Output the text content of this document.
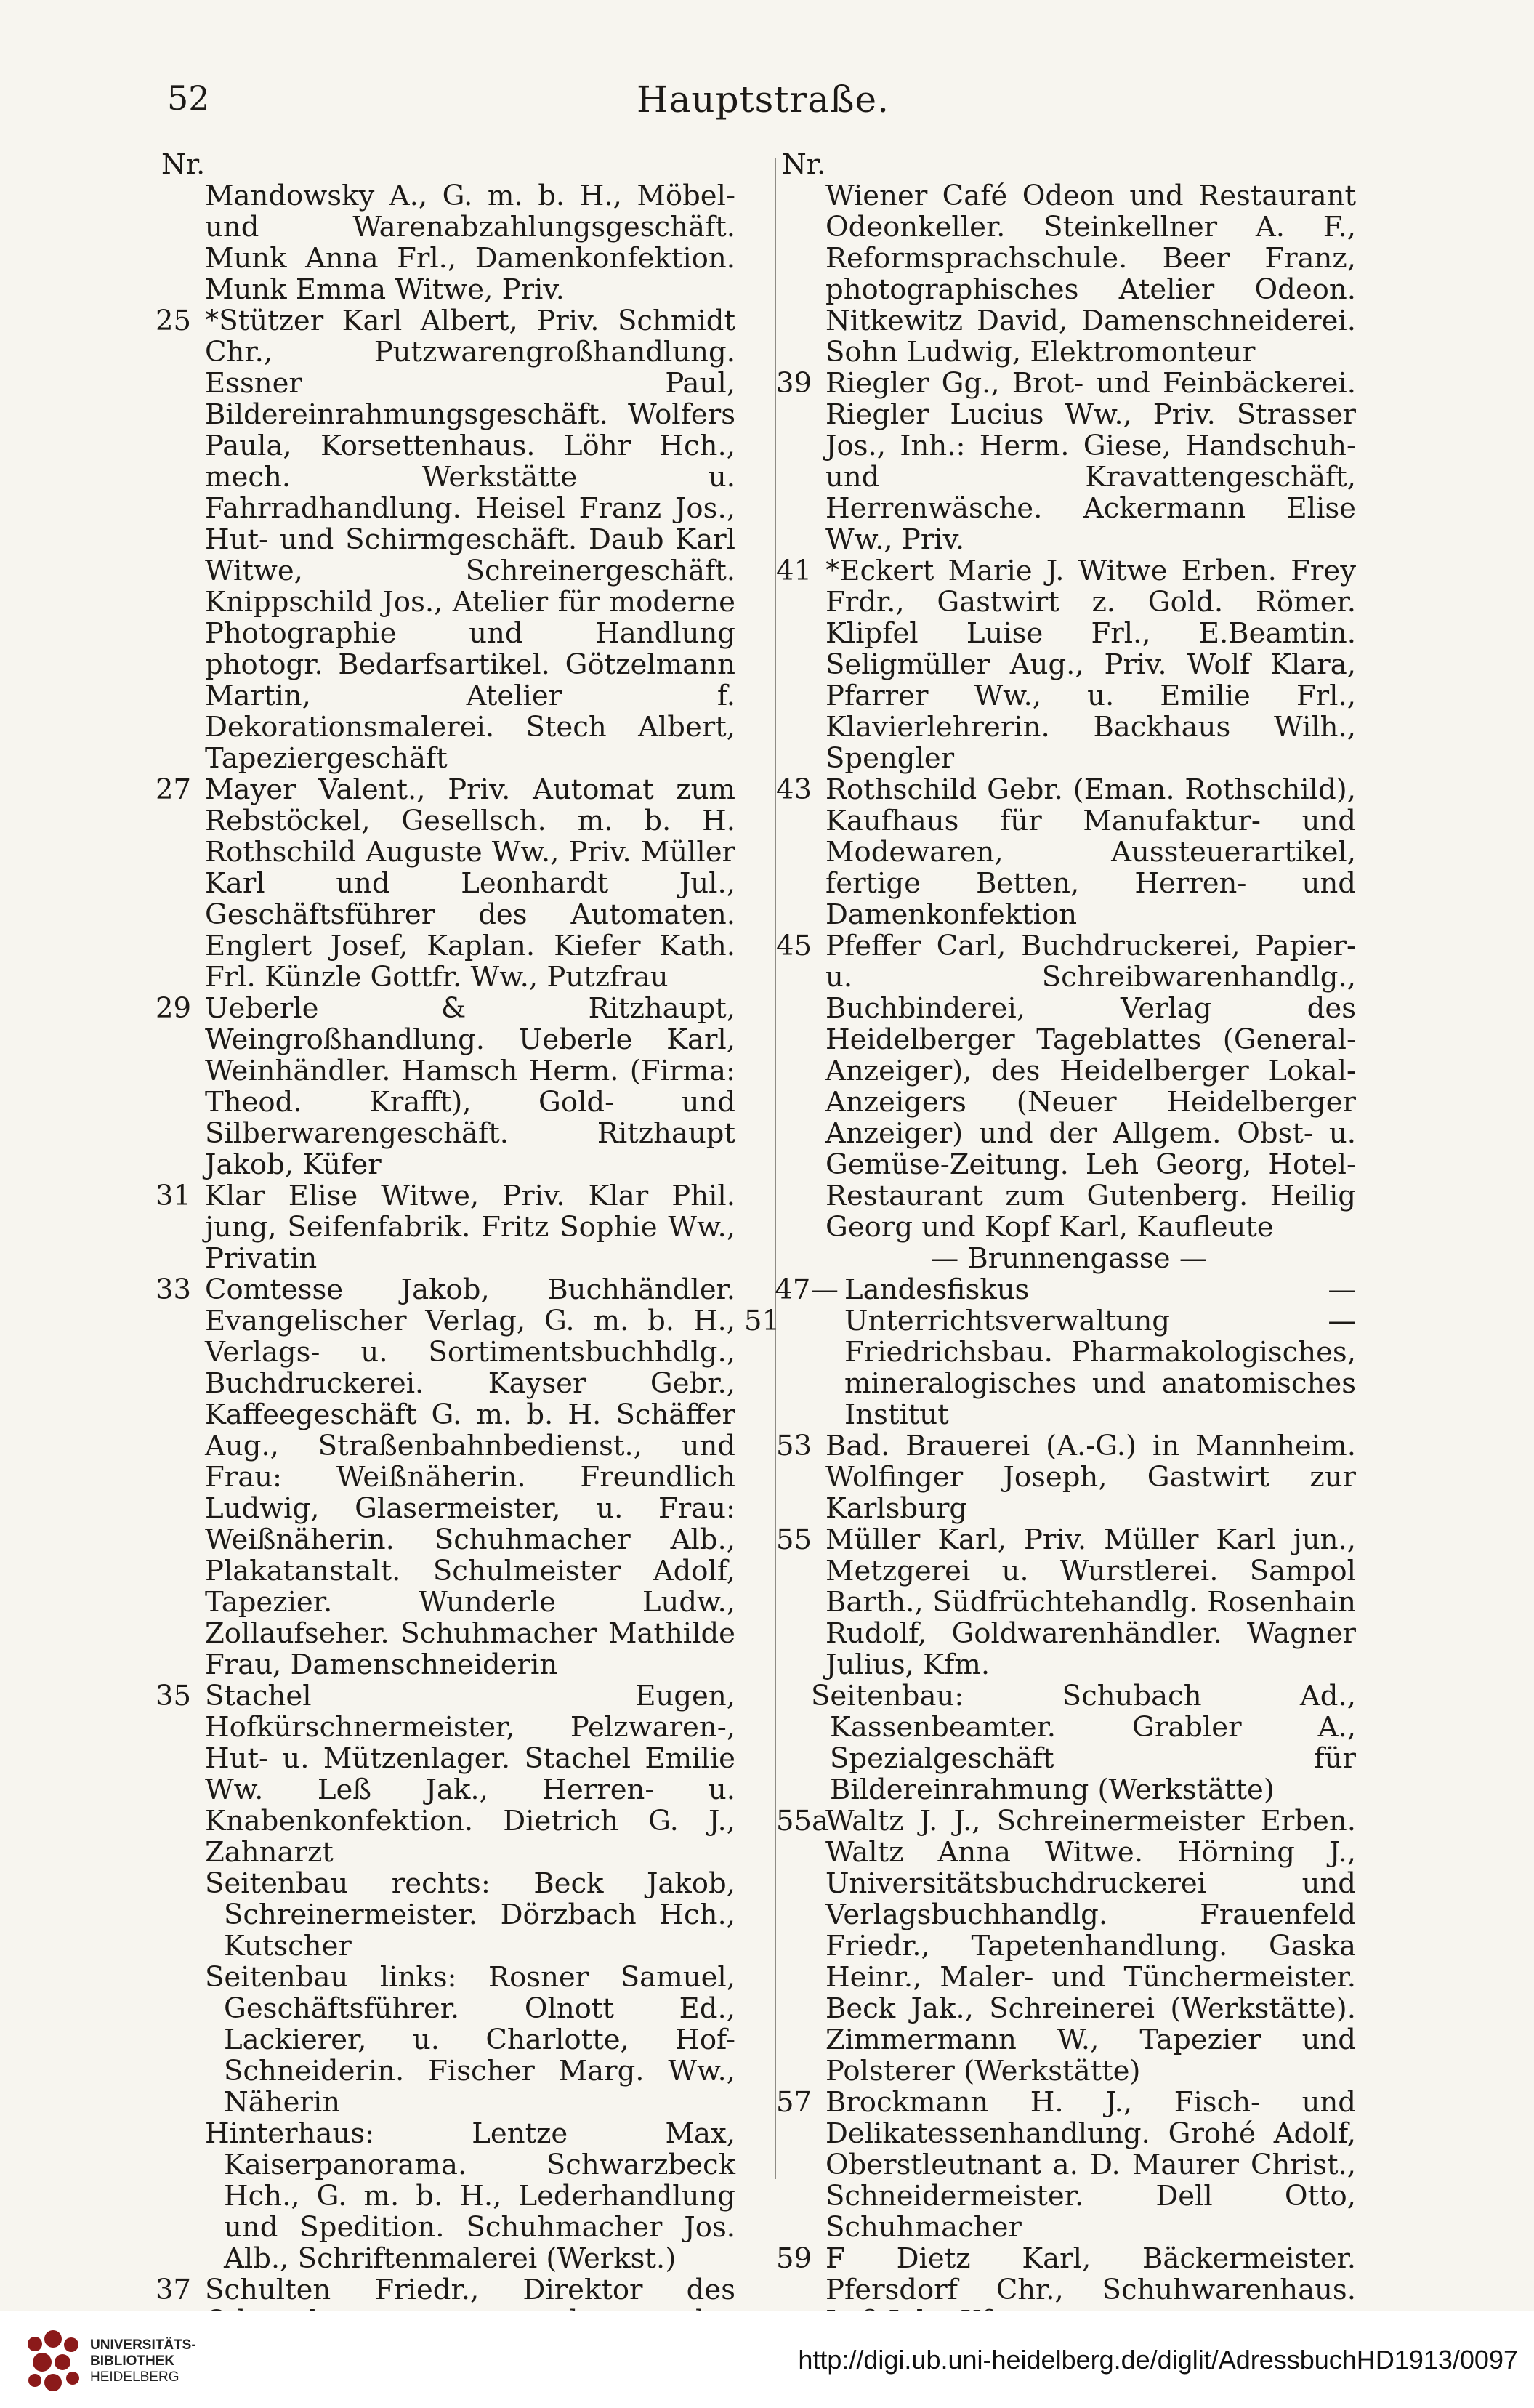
52	Hauptstraße.
Nr.
Mandowsky A., G. m. b. H., Möbel- und Warenabzahlungsgeschäft. Munk Anna Frl., Damenkonfektion. Munk Emma Witwe, Priv.
25 *Stützer Karl Albert, Priv. Schmidt Chr., Putzwarengroßhandlung. Essner Paul, Bildereinrahmungsgeschäft. Wolfers Paula, Korsettenhaus. Löhr Hch., mech. Werkstätte u. Fahrradhandlung. Heisel Franz Jos., Hut- und Schirmgeschäft. Daub Karl Witwe, Schreinergeschäft. Knippschild Jos., Atelier für moderne Photographie und Handlung photogr. Bedarfsartikel. Götzelmann Martin, Atelier f. Dekorationsmalerei. Stech Albert, Tapeziergeschäft
27 Mayer Valent., Priv. Automat zum Rebstöckel, Gesellsch. m. b. H. Rothschild Auguste Ww., Priv. Müller Karl und Leonhardt Jul., Geschäftsführer des Automaten. Englert Josef, Kaplan. Kiefer Kath. Frl. Künzle Gottfr. Ww., Putzfrau
29 Ueberle & Ritzhaupt, Weingroßhandlung. Ueberle Karl, Weinhändler. Hamsch Herm. (Firma: Theod. Krafft), Gold- und Silberwarengeschäft. Ritzhaupt Jakob, Küfer
31 Klar Elise Witwe, Priv. Klar Phil. jung, Seifenfabrik. Fritz Sophie Ww., Privatin
33 Comtesse Jakob, Buchhändler. Evangelischer Verlag, G. m. b. H., Verlags- u. Sortimentsbuchhdlg., Buchdruckerei. Kayser Gebr., Kaffeegeschäft G. m. b. H. Schäffer Aug., Straßenbahnbedienst., und Frau: Weißnäherin. Freundlich Ludwig, Glasermeister, u. Frau: Weißnäherin. Schuhmacher Alb., Plakatanstalt. Schulmeister Adolf, Tapezier. Wunderle Ludw., Zollaufseher. Schuhmacher Mathilde Frau, Damenschneiderin
35 Stachel Eugen, Hofkürschnermeister, Pelzwaren-, Hut- u. Mützenlager. Stachel Emilie Ww. Leß Jak., Herren- u. Knabenkonfektion. Dietrich G. J., Zahnarzt
Seitenbau rechts: Beck Jakob, Schreinermeister. Dörzbach Hch., Kutscher
Seitenbau links: Rosner Samuel, Geschäftsführer. Olnott Ed., Lackierer, u. Charlotte, Hof-Schneiderin. Fischer Marg. Ww., Näherin
Hinterhaus: Lentze Max, Kaiserpanorama. Schwarzbeck Hch., G. m. b. H., Lederhandlung und Spedition. Schuhmacher Jos. Alb., Schriftenmalerei (Werkst.)
37 Schulten Friedr., Direktor des
Nr.
Wiener Café Odeon und Restaurant Odeonkeller. Steinkellner A. F., Reformsprachschule. Beer Franz, photographisches Atelier Odeon. Nitkewitz David, Damenschneiderei. Sohn Ludwig, Elektromonteur
39 Riegler Gg., Brot- und Feinbäckerei. Riegler Lucius Ww., Priv. Strasser Jos., Inh.: Herm. Giese, Handschuh- und Kravattengeschäft, Herrenwäsche. Ackermann Elise Ww., Priv.
41 *Eckert Marie J. Witwe Erben. Frey Frdr., Gastwirt z. Gold. Römer. Klipfel Luise Frl., E.Beamtin. Seligmüller Aug., Priv. Wolf Klara, Pfarrer Ww., u. Emilie Frl., Klavierlehrerin. Backhaus Wilh., Spengler
43 Rothschild Gebr. (Eman. Rothschild), Kaufhaus für Manufaktur- und Modewaren, Aussteuerartikel, fertige Betten, Herren- und Damenkonfektion
45 Pfeffer Carl, Buchdruckerei, Papier- u. Schreibwarenhandlg., Buchbinderei, Verlag des Heidelberger Tageblattes (General-Anzeiger), des Heidelberger Lokal-Anzeigers (Neuer Heidelberger Anzeiger) und der Allgem. Obst- u. Gemüse-Zeitung. Leh Georg, Hotel-Restaurant zum Gutenberg. Heilig Georg und Kopf Karl, Kaufleute
— Brunnengasse —
47—51
Landesfiskus — Unterrichtsverwaltung — Friedrichsbau. Pharmakologisches, mineralogisches und anatomisches Institut
53 Bad. Brauerei (A.-G.) in Mannheim. Wolfinger Joseph, Gastwirt zur Karlsburg
55 Müller Karl, Priv. Müller Karl jun., Metzgerei u. Wurstlerei. Sampol Barth., Südfrüchtehandlg. Rosenhain Rudolf, Goldwarenhändler. Wagner Julius, Kfm.
Seitenbau: Schubach Ad., Kassenbeamter. Grabler A., Spezialgeschäft für Bildereinrahmung (Werkstätte)
55a
Waltz J. J., Schreinermeister Erben. Waltz Anna Witwe. Hörning J., Universitätsbuchdruckerei und Verlagsbuchhandlg. Frauenfeld Friedr., Tapetenhandlung. Gaska Heinr., Maler- und Tünchermeister. Beck Jak., Schreinerei (Werkstätte). Zimmermann W., Tapezier und Polsterer (Werkstätte)
57 Brockmann H. J., Fisch- und Delikatessenhandlung. Grohé Adolf, Oberstleutnant a. D. Maurer Christ., Schneidermeister. Dell Otto, Schuhmacher
59 F Dietz Karl, Bäckermeister. Pfersdorf Chr., Schuhwarenhaus.
UNIVERSITÄTS-
BIBLIOTHEK
HEIDELBERG
http://digi.ub.uni-heidelberg.de/diglit/AdressbuchHD1913/0097
